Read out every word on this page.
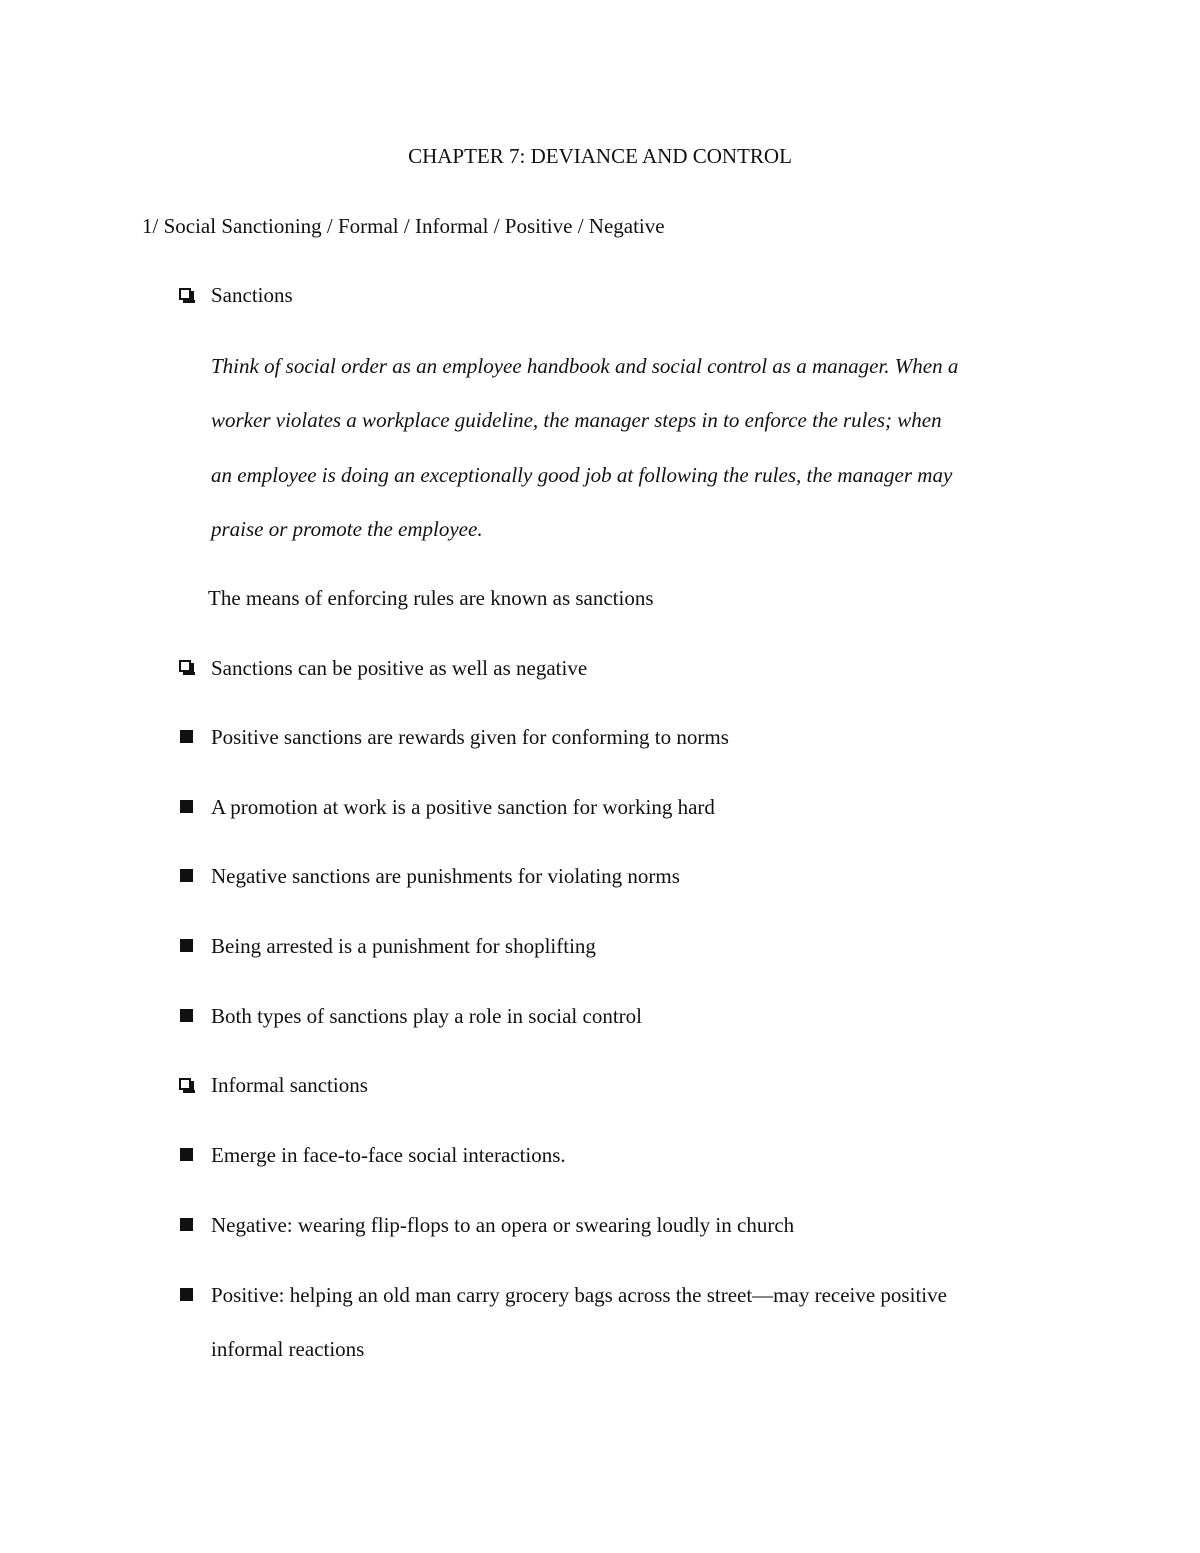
CHAPTER 7: DEVIANCE AND CONTROL
1/ Social Sanctioning / Formal / Informal / Positive / Negative
Sanctions
Think of social order as an employee handbook and social control as a manager. When a
worker violates a workplace guideline, the manager steps in to enforce the rules; when
an employee is doing an exceptionally good job at following the rules, the manager may
praise or promote the employee.
The means of enforcing rules are known as sanctions
Sanctions can be positive as well as negative
Positive sanctions are rewards given for conforming to norms
A promotion at work is a positive sanction for working hard
Negative sanctions are punishments for violating norms
Being arrested is a punishment for shoplifting
Both types of sanctions play a role in social control
Informal sanctions
Emerge in face-to-face social interactions.
Negative: wearing flip-flops to an opera or swearing loudly in church
Positive: helping an old man carry grocery bags across the street—may receive positive
informal reactions
